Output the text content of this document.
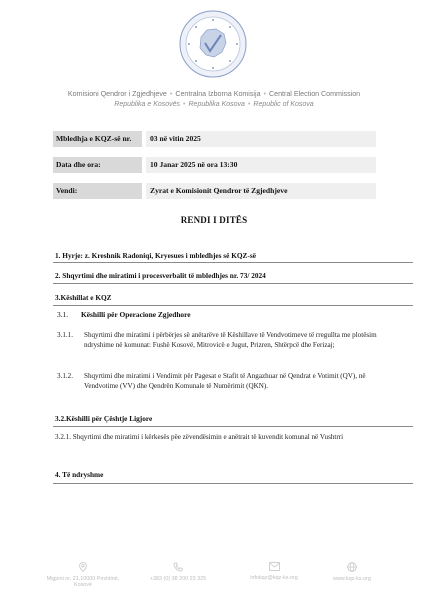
Komisioni Qendror i Zgjedhjeve • Centralna Izborna Komisija • Central Election Commission
Republika e Kosovës • Republika Kosova • Republic of Kosova
Mbledhja e KQZ-së nr.	03 në vitin 2025
Data dhe ora:	10 Janar 2025 në ora 13:30
Vendi:	Zyrat e Komisionit Qendror të Zgjedhjeve
RENDI I DITËS
1. Hyrje: z. Kreshnik Radoniqi, Kryesues i mbledhjes së KQZ-së
2. Shqyrtimi dhe miratimi i procesverbalit të mbledhjes nr. 73/ 2024
3.Këshillat e KQZ
3.1. Këshilli për Operacione Zgjedhore
3.1.1. Shqyrtimi dhe miratimi i përbërjes së anëtarëve të Këshillave të Vendvotimeve të rregullta me plotësim ndryshime në komunat: Fushë Kosovë, Mitrovicë e Jugut, Prizren, Shtërpcë dhe Ferizaj;
3.1.2. Shqyrtimi dhe miratimi i Vendimit për Pagesat e Stafit të Angazhuar në Qendrat e Votimit (QV), në Vendvotime (VV) dhe Qendrën Komunale të Numërimit (QKN).
3.2.Këshilli për Çështje Ligjore
3.2.1. Shqyrtimi dhe miratimi i kërkesës pëe zëvendësimin e anëtrait të kuvendit komunal në Vushtrri
4. Të ndryshme
Migjeni nr. 21,10000 Prishtinë, Kosovë
+383 (0) 38 200 23 325	infokqz@kqz-ks.org	www.kqz-ks.org
